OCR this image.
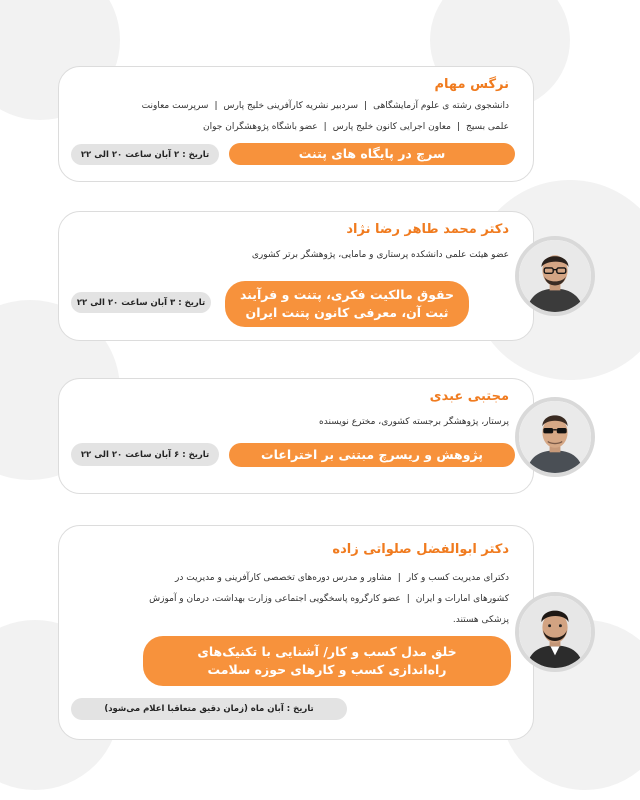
نرگس مهام
دانشجوی رشته ی علوم آزمایشگاهی|سردبیر نشریه کارآفرینی خلیج پارس|سرپرست معاونت
علمی بسیج|معاون اجرایی کانون خلیج پارس|عضو باشگاه پژوهشگران جوان
سرچ در پایگاه های پتنت
تاریخ : ۲ آبان ساعت ۲۰ الی ۲۲
دکتر محمد طاهر رضا نژاد
عضو هیئت علمی دانشکده پرستاری و مامایی، پژوهشگر برتر کشوری
حقوق مالکیت فکری، پتنت و فرآیند
ثبت آن، معرفی کانون پتنت ایران
تاریخ : ۳ آبان ساعت ۲۰ الی ۲۲
مجتبی عبدی
پرستار، پژوهشگر برجسته کشوری، مخترع نویسنده
پژوهش و ریسرچ مبتنی بر اختراعات
تاریخ : ۶ آبان ساعت ۲۰ الی ۲۲
دکتر ابوالفضل صلواتی زاده
دکترای مدیریت کسب و کار|مشاور و مدرس دوره‌های تخصصی کارآفرینی و مدیریت در
کشورهای امارات و ایران|عضو کارگروه پاسخگویی اجتماعی وزارت بهداشت، درمان و آموزش
پزشکی هستند.
خلق مدل کسب و کار/ آشنایی با تکنیک‌های
راه‌اندازی کسب و کارهای حوزه سلامت
تاریخ : آبان ماه (زمان دقیق متعاقبا اعلام می‌شود)
